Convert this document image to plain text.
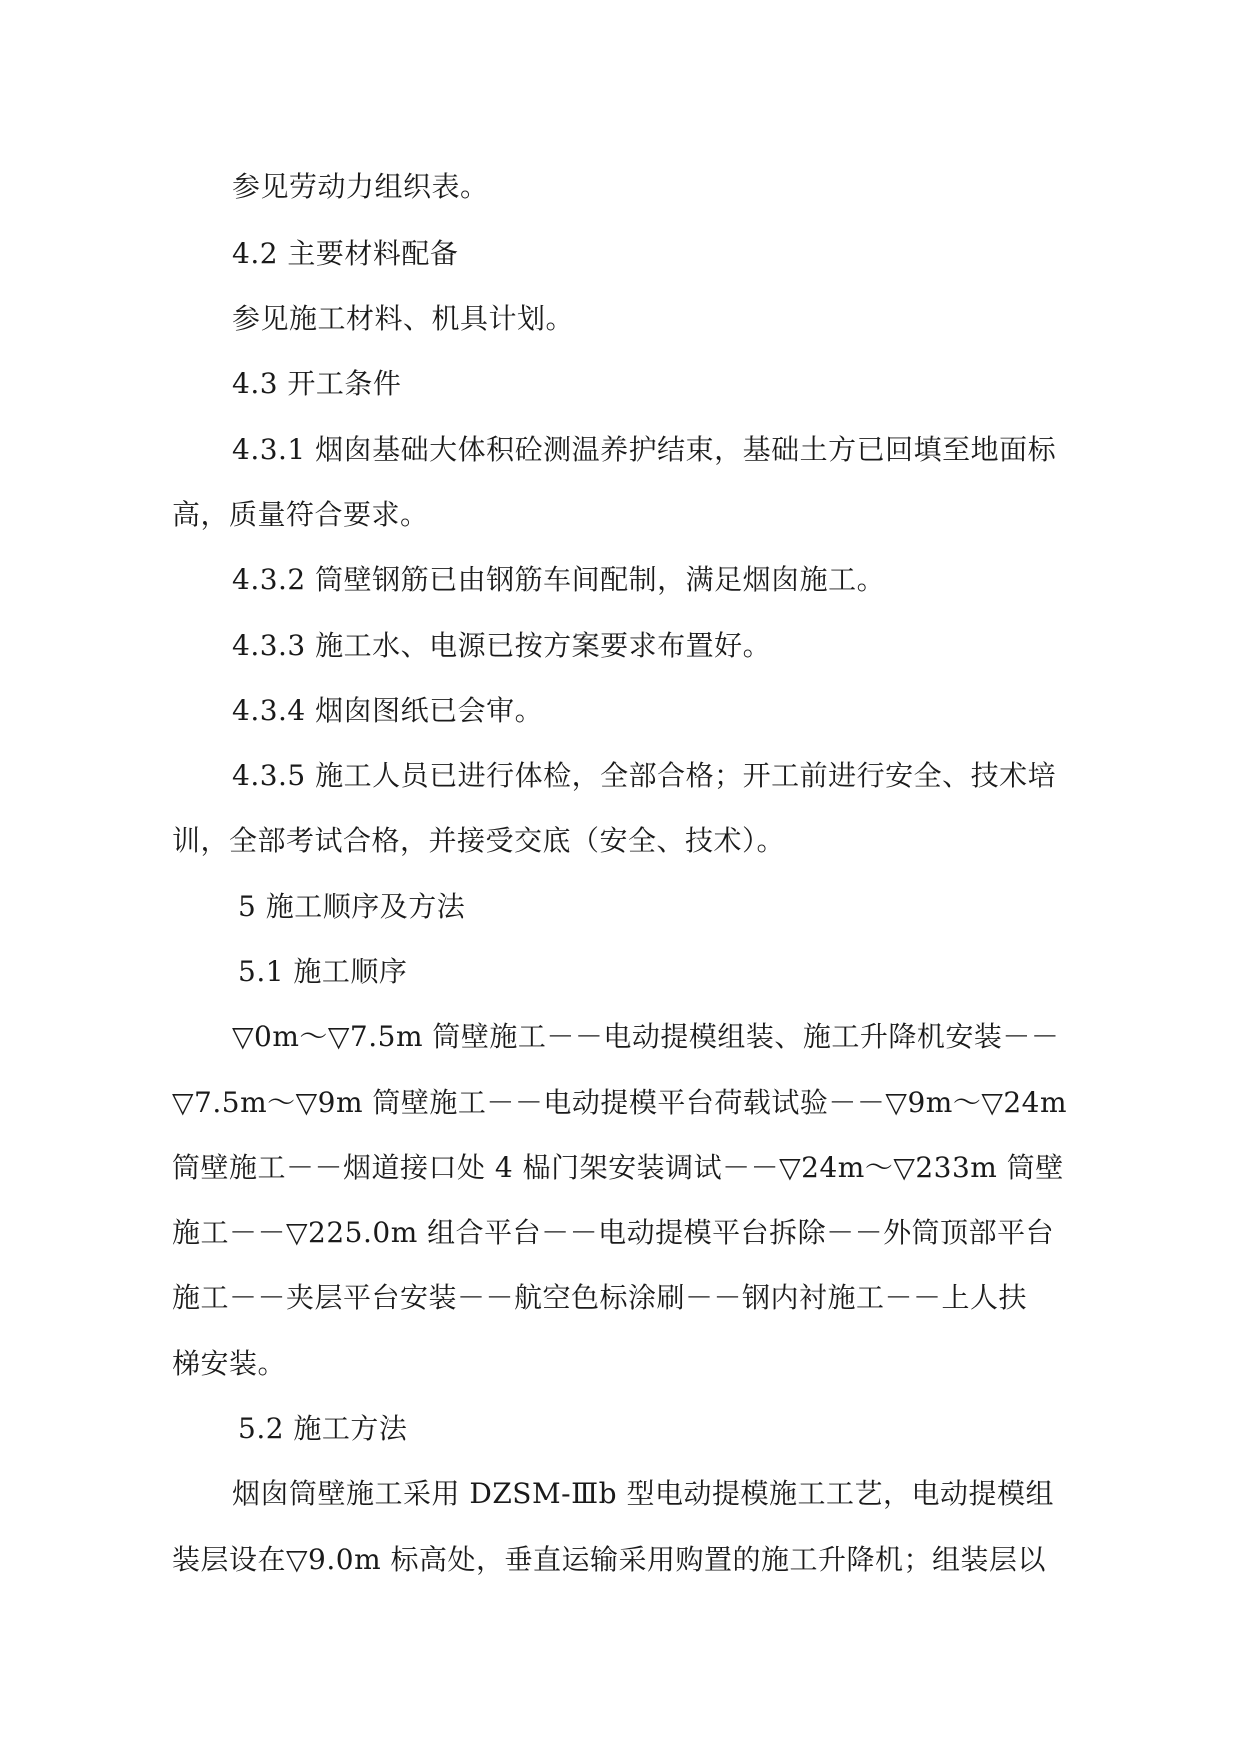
参见劳动力组织表。
4.2 主要材料配备
参见施工材料、机具计划。
4.3 开工条件
4.3.1 烟囱基础大体积砼测温养护结束，基础土方已回填至地面标
高，质量符合要求。
4.3.2 筒壁钢筋已由钢筋车间配制，满足烟囱施工。
4.3.3 施工水、电源已按方案要求布置好。
4.3.4 烟囱图纸已会审。
4.3.5 施工人员已进行体检，全部合格；开工前进行安全、技术培
训，全部考试合格，并接受交底（安全、技术）。
5 施工顺序及方法
5.1 施工顺序
▽0m～▽7.5m 筒壁施工－－电动提模组装、施工升降机安装－－
▽7.5m～▽9m 筒壁施工－－电动提模平台荷载试验－－▽9m～▽24m
筒壁施工－－烟道接口处 4 榀门架安装调试－－▽24m～▽233m 筒壁
施工－－▽225.0m 组合平台－－电动提模平台拆除－－外筒顶部平台
施工－－夹层平台安装－－航空色标涂刷－－钢内衬施工－－上人扶
梯安装。
5.2 施工方法
烟囱筒壁施工采用 DZSM-Ⅲb 型电动提模施工工艺，电动提模组
装层设在▽9.0m 标高处，垂直运输采用购置的施工升降机；组装层以
